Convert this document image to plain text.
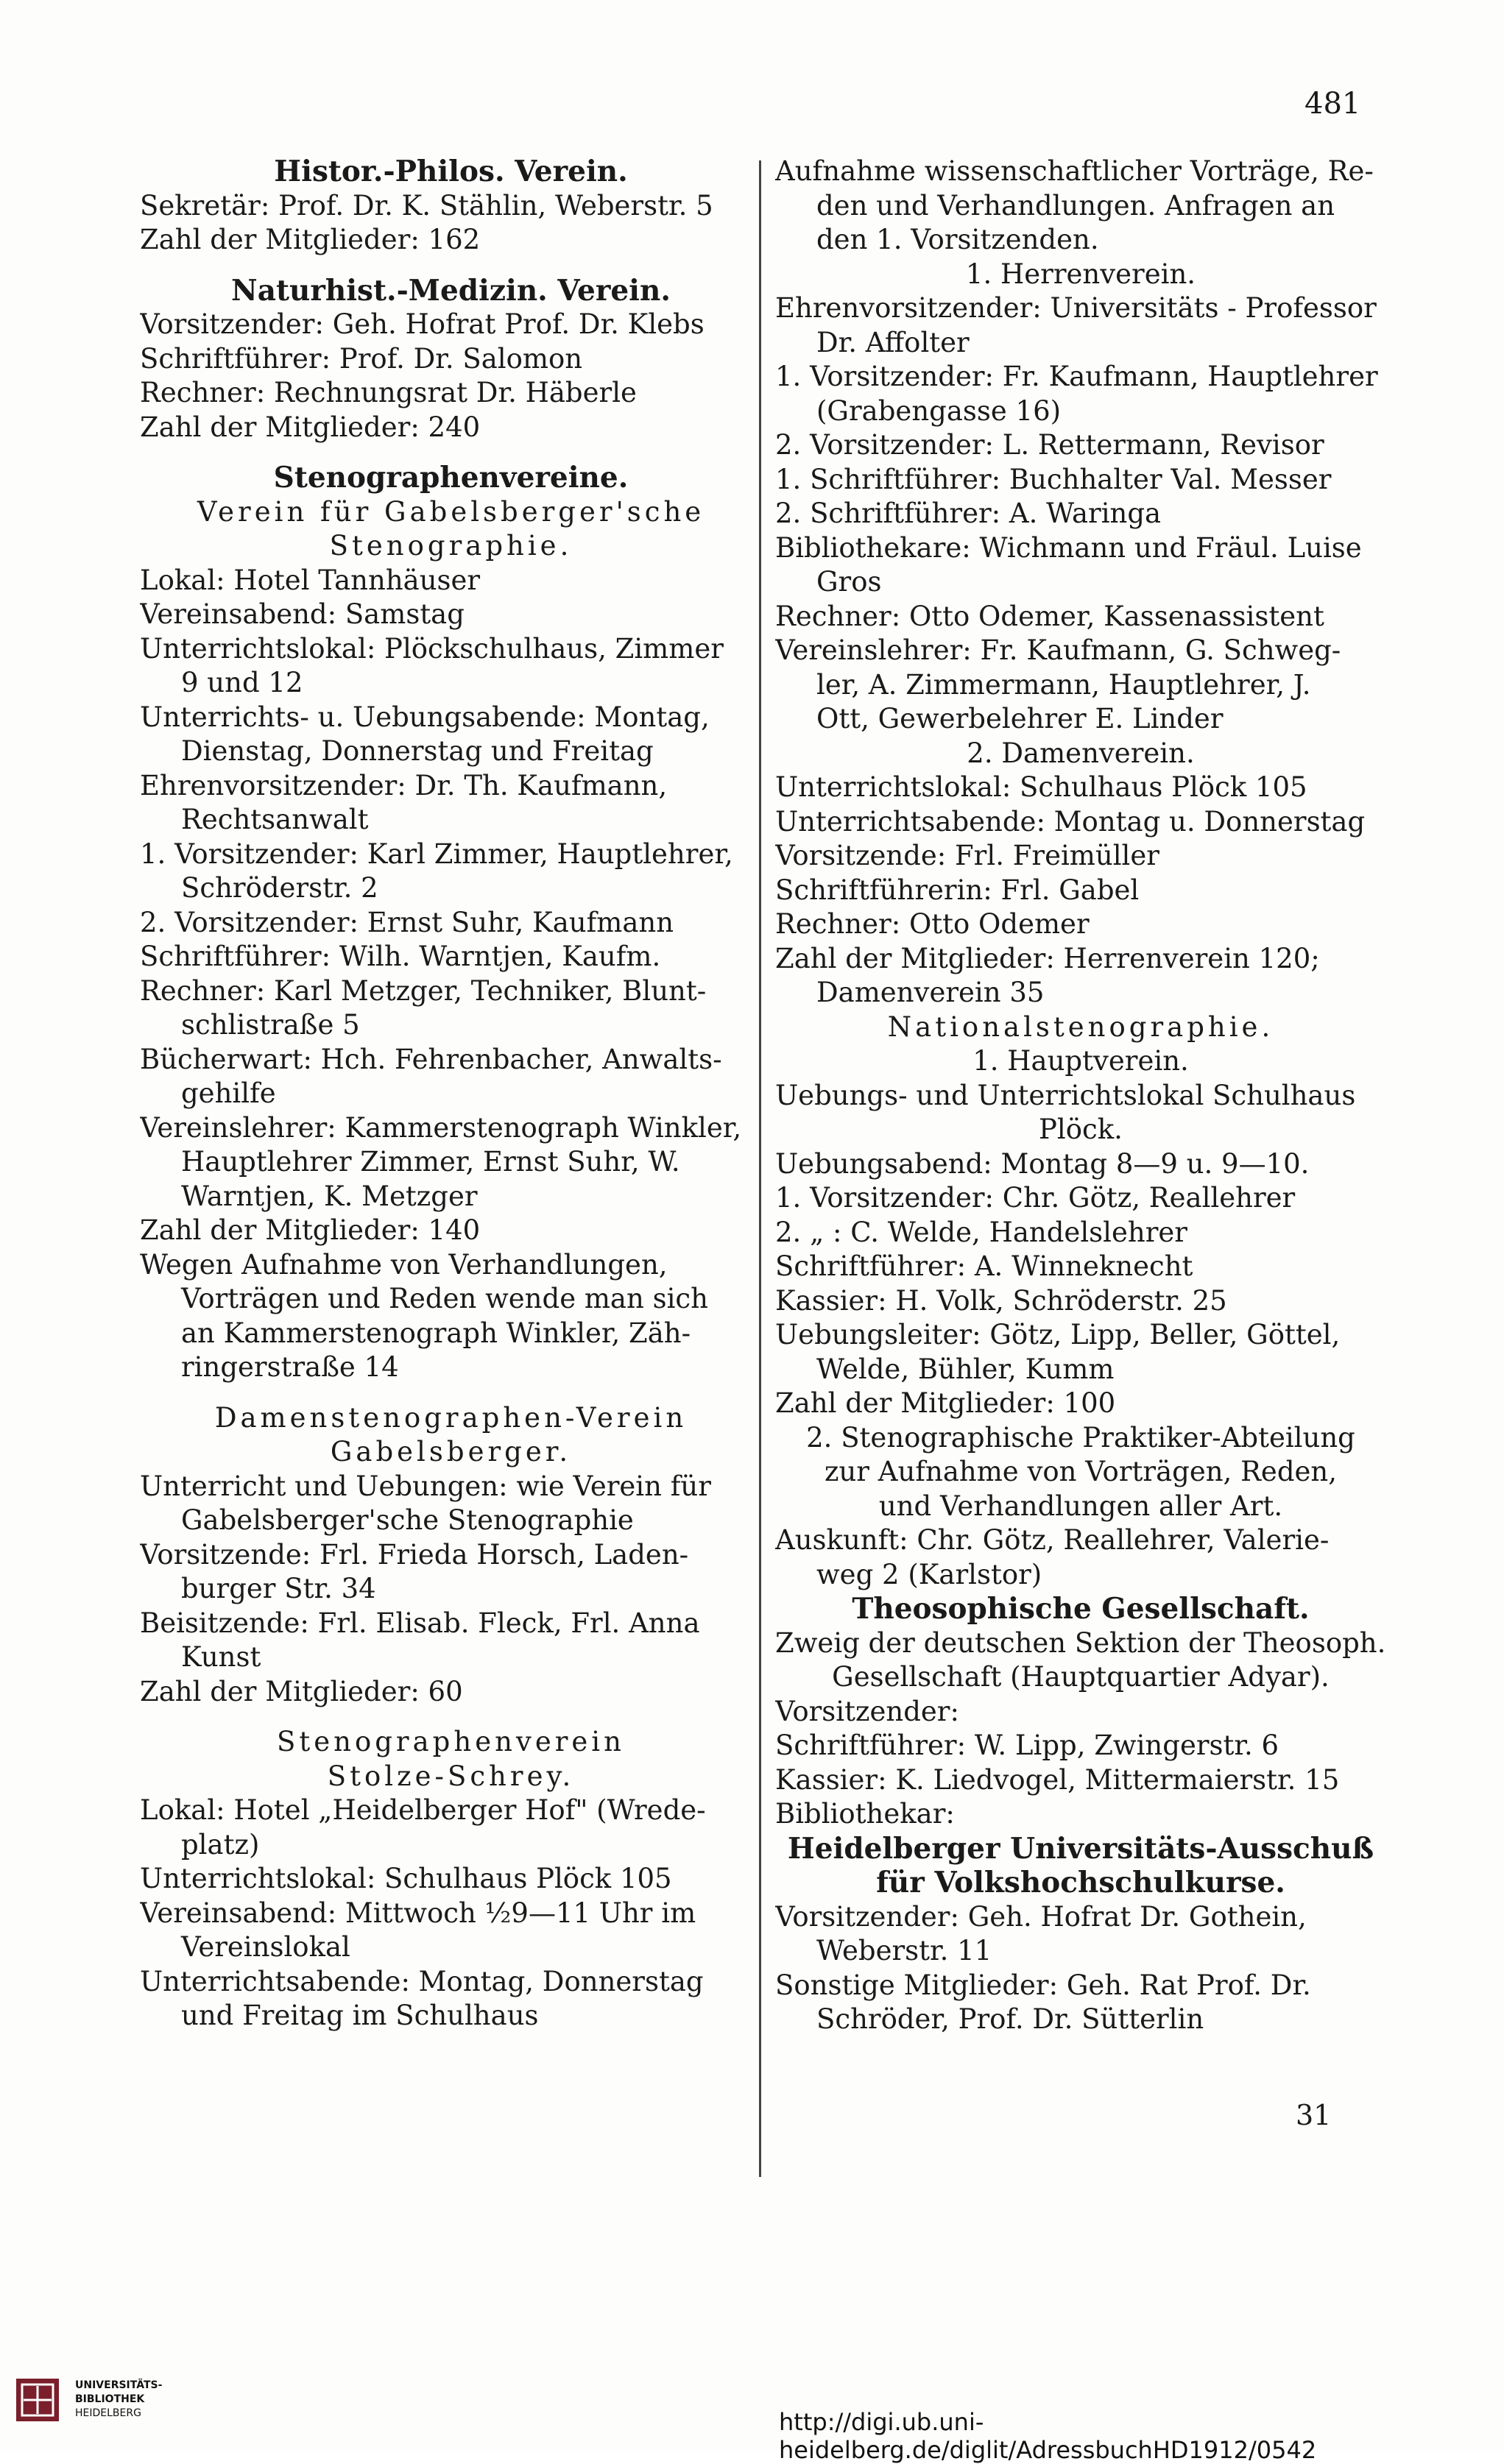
481
Histor.-Philos. Verein.
Sekretär: Prof. Dr. K. Stählin, Weberstr. 5
Zahl der Mitglieder: 162
Naturhist.-Medizin. Verein.
Vorsitzender: Geh. Hofrat Prof. Dr. Klebs
Schriftführer: Prof. Dr. Salomon
Rechner: Rechnungsrat Dr. Häberle
Zahl der Mitglieder: 240
Stenographenvereine.
Verein für Gabelsberger'sche
Stenographie.
Lokal: Hotel Tannhäuser
Vereinsabend: Samstag
Unterrichtslokal: Plöckschulhaus, Zimmer
9 und 12
Unterrichts- u. Uebungsabende: Montag,
Dienstag, Donnerstag und Freitag
Ehrenvorsitzender: Dr. Th. Kaufmann,
Rechtsanwalt
1. Vorsitzender: Karl Zimmer, Hauptlehrer,
Schröderstr. 2
2. Vorsitzender: Ernst Suhr, Kaufmann
Schriftführer: Wilh. Warntjen, Kaufm.
Rechner: Karl Metzger, Techniker, Blunt-
schlistraße 5
Bücherwart: Hch. Fehrenbacher, Anwalts-
gehilfe
Vereinslehrer: Kammerstenograph Winkler,
Hauptlehrer Zimmer, Ernst Suhr, W.
Warntjen, K. Metzger
Zahl der Mitglieder: 140
Wegen Aufnahme von Verhandlungen,
Vorträgen und Reden wende man sich
an Kammerstenograph Winkler, Zäh-
ringerstraße 14
Damenstenographen-Verein
Gabelsberger.
Unterricht und Uebungen: wie Verein für
Gabelsberger'sche Stenographie
Vorsitzende: Frl. Frieda Horsch, Laden-
burger Str. 34
Beisitzende: Frl. Elisab. Fleck, Frl. Anna
Kunst
Zahl der Mitglieder: 60
Stenographenverein
Stolze-Schrey.
Lokal: Hotel „Heidelberger Hof" (Wrede-
platz)
Unterrichtslokal: Schulhaus Plöck 105
Vereinsabend: Mittwoch ½9—11 Uhr im
Vereinslokal
Unterrichtsabende: Montag, Donnerstag
und Freitag im Schulhaus
Aufnahme wissenschaftlicher Vorträge, Re-
den und Verhandlungen. Anfragen an
den 1. Vorsitzenden.
1. Herrenverein.
Ehrenvorsitzender: Universitäts - Professor
Dr. Affolter
1. Vorsitzender: Fr. Kaufmann, Hauptlehrer
(Grabengasse 16)
2. Vorsitzender: L. Rettermann, Revisor
1. Schriftführer: Buchhalter Val. Messer
2. Schriftführer: A. Waringa
Bibliothekare: Wichmann und Fräul. Luise
Gros
Rechner: Otto Odemer, Kassenassistent
Vereinslehrer: Fr. Kaufmann, G. Schweg-
ler, A. Zimmermann, Hauptlehrer, J.
Ott, Gewerbelehrer E. Linder
2. Damenverein.
Unterrichtslokal: Schulhaus Plöck 105
Unterrichtsabende: Montag u. Donnerstag
Vorsitzende: Frl. Freimüller
Schriftführerin: Frl. Gabel
Rechner: Otto Odemer
Zahl der Mitglieder: Herrenverein 120;
Damenverein 35
Nationalstenographie.
1. Hauptverein.
Uebungs- und Unterrichtslokal Schulhaus
Plöck.
Uebungsabend: Montag 8—9 u. 9—10.
1. Vorsitzender: Chr. Götz, Reallehrer
2. „ : C. Welde, Handelslehrer
Schriftführer: A. Winneknecht
Kassier: H. Volk, Schröderstr. 25
Uebungsleiter: Götz, Lipp, Beller, Göttel,
Welde, Bühler, Kumm
Zahl der Mitglieder: 100
2. Stenographische Praktiker-Abteilung
zur Aufnahme von Vorträgen, Reden,
und Verhandlungen aller Art.
Auskunft: Chr. Götz, Reallehrer, Valerie-
weg 2 (Karlstor)
Theosophische Gesellschaft.
Zweig der deutschen Sektion der Theosoph.
Gesellschaft (Hauptquartier Adyar).
Vorsitzender:
Schriftführer: W. Lipp, Zwingerstr. 6
Kassier: K. Liedvogel, Mittermaierstr. 15
Bibliothekar:
Heidelberger Universitäts-Ausschuß
für Volkshochschulkurse.
Vorsitzender: Geh. Hofrat Dr. Gothein,
Weberstr. 11
Sonstige Mitglieder: Geh. Rat Prof. Dr.
Schröder, Prof. Dr. Sütterlin
31
UNIVERSITÄTS-
BIBLIOTHEK
HEIDELBERG	http://digi.ub.uni-heidelberg.de/diglit/AdressbuchHD1912/0542
